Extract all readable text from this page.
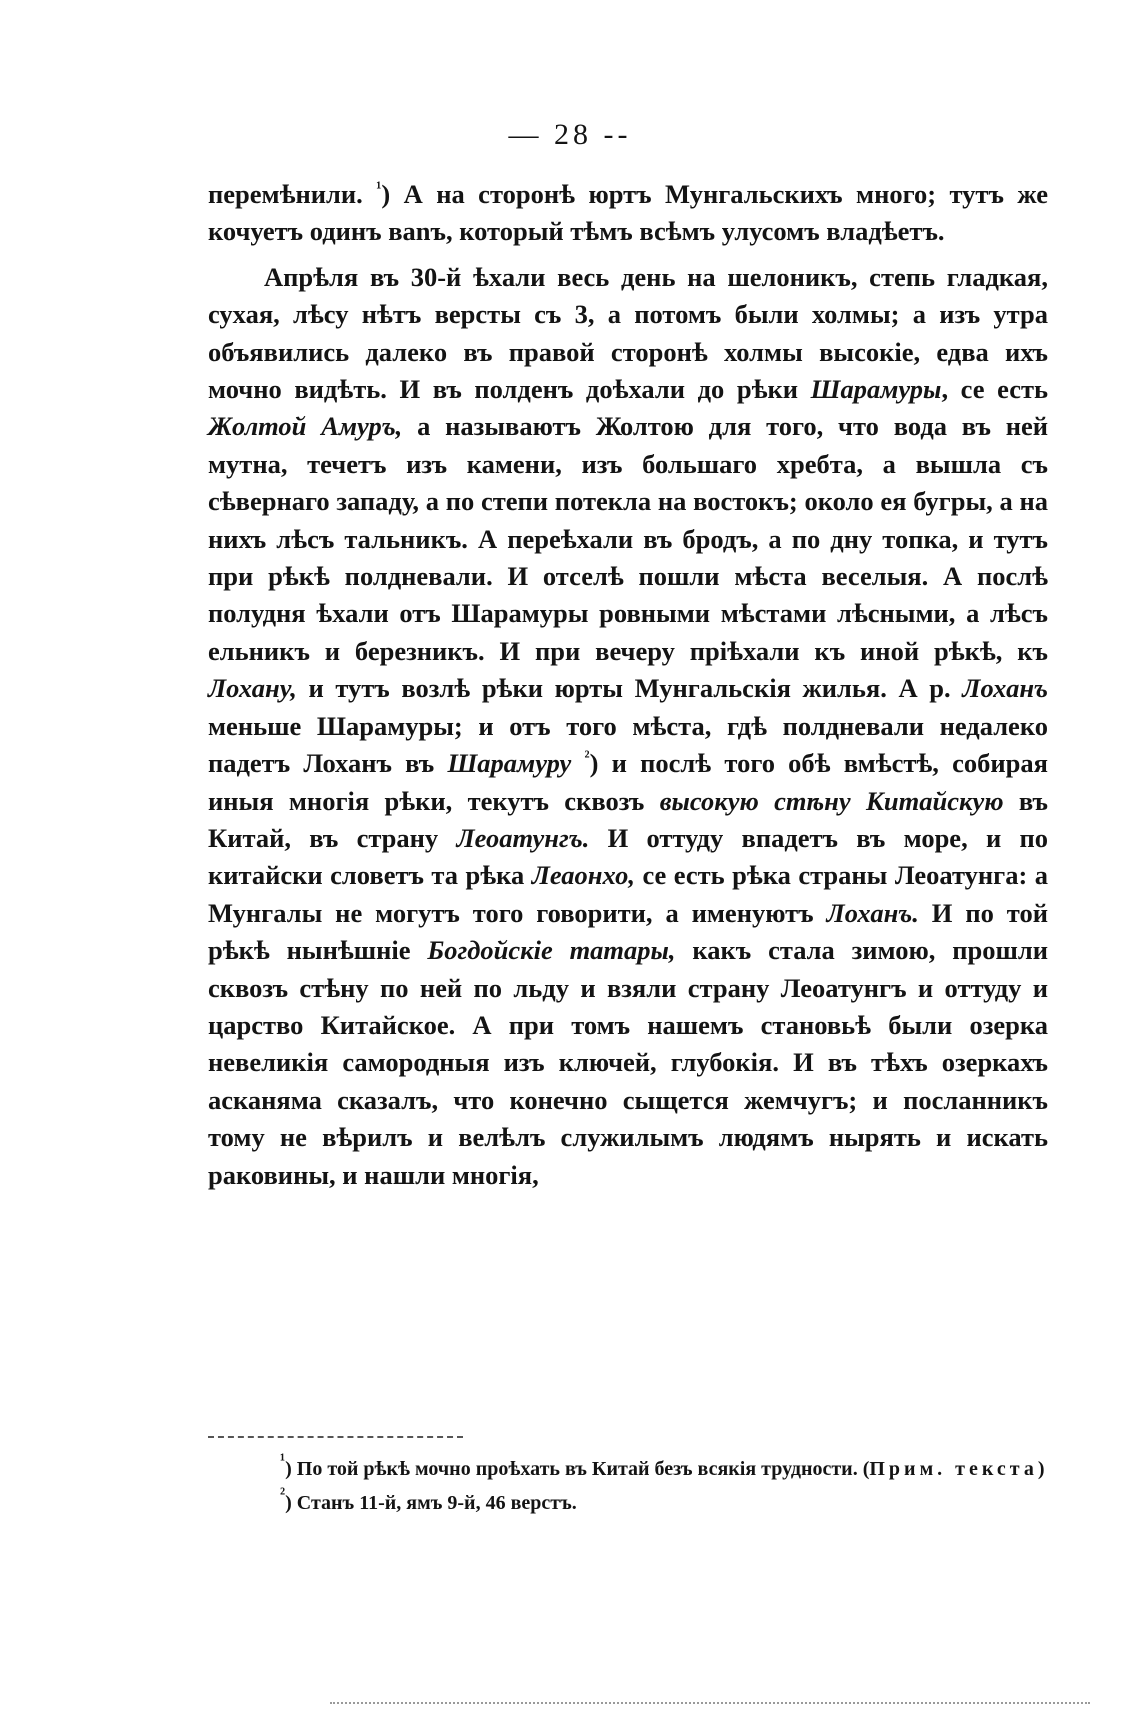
— 28 --

перемѣнили. $^{^1}$) А на сторонѣ юртъ Мунгальскихъ много; тутъ же кочуетъ одинъ ваnъ, который тѣмъ всѣмъ улусомъ владѣетъ.

Апрѣля въ 30-й ѣхали весь день на шелоникъ, степь гладкая, сухая, лѣсу нѣтъ версты съ 3, а потомъ были холмы; а изъ утра объявились далеко въ правой сторонѣ холмы высокіе, едва ихъ мочно видѣть. И въ полденъ доѣхали до рѣки Шарамуры, се есть Жолтой Амуръ, а называютъ Жолтою для того, что вода въ ней мутна, течетъ изъ камени, изъ большаго хребта, а вышла съ сѣвернаго западу, а по степи потекла на востокъ; около ея бугры, а на нихъ лѣсъ тальникъ. А переѣхали въ бродъ, а по дну топка, и тутъ при рѣкѣ полдневали. И отселѣ пошли мѣста веселыя. А послѣ полудня ѣхали отъ Шарамуры ровными мѣстами лѣсными, а лѣсъ ельникъ и березникъ. И при вечеру пріѣхали къ иной рѣкѣ, къ Лохану, и тутъ возлѣ рѣки юрты Мунгальскія жилья. А р. Лоханъ меньше Шарамуры; и отъ того мѣста, гдѣ полдневали недалеко падетъ Лоханъ въ Шарамуру $^{^2}$) и послѣ того обѣ вмѣстѣ, собирая иныя многія рѣки, текутъ сквозъ высокую стѣну Китайскую въ Китай, въ страну Леоатунгъ. И оттуду впадетъ въ море, и по китайски словетъ та рѣка Леаонхо, се есть рѣка страны Леоатунга: а Мунгалы не могутъ того говорити, а именуютъ Лоханъ. И по той рѣкѣ нынѣшніе Богдойскіе татары, какъ стала зимою, прошли сквозъ стѣну по ней по льду и взяли страну Леоатунгъ и оттуду и царство Китайское. А при томъ нашемъ становьѣ были озерка невеликія самородныя изъ ключей, глубокія. И въ тѣхъ озеркахъ асканяма сказалъ, что конечно сыщется жемчугъ; и посланникъ тому не вѣрилъ и велѣлъ служилымъ людямъ нырять и искать раковины, и нашли многія,

$^{^1}$) По той рѣкѣ мочно проѣхать въ Китай безъ всякія трудности. (Прим. текста)

$^{^2}$) Станъ 11-й, ямъ 9-й, 46 верстъ.
